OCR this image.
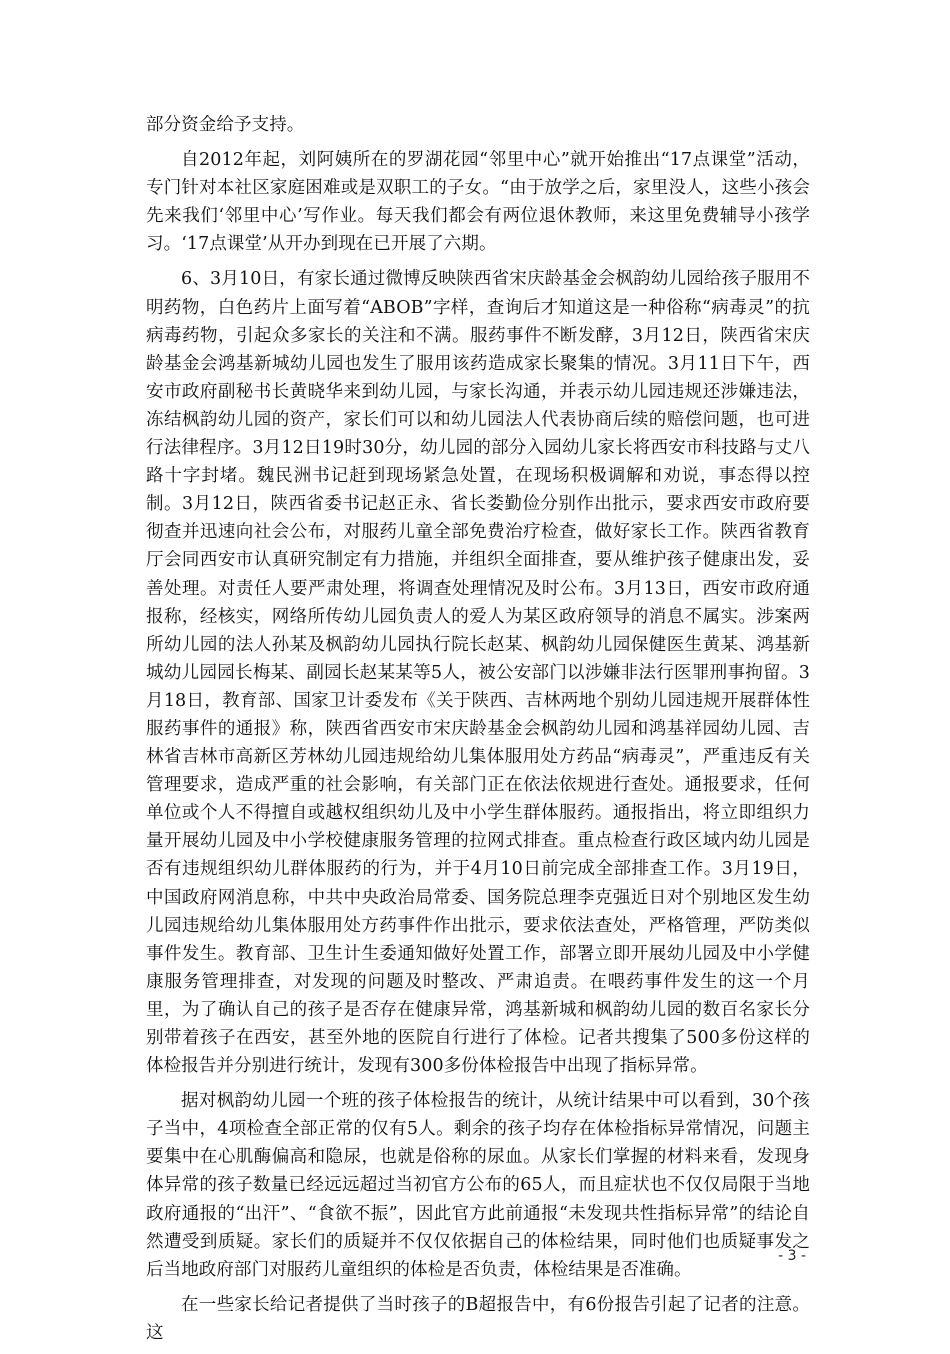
部分资金给予支持。

自2012年起，刘阿姨所在的罗湖花园“邻里中心”就开始推出“17点课堂”活动，专门针对本社区家庭困难或是双职工的子女。“由于放学之后，家里没人，这些小孩会先来我们‘邻里中心’写作业。每天我们都会有两位退休教师，来这里免费辅导小孩学习。‘17点课堂’从开办到现在已开展了六期。

6、3月10日，有家长通过微博反映陕西省宋庆龄基金会枫韵幼儿园给孩子服用不明药物，白色药片上面写着“ABOB”字样，查询后才知道这是一种俗称“病毒灵”的抗病毒药物，引起众多家长的关注和不满。服药事件不断发酵，3月12日，陕西省宋庆龄基金会鸿基新城幼儿园也发生了服用该药造成家长聚集的情况。3月11日下午，西安市政府副秘书长黄晓华来到幼儿园，与家长沟通，并表示幼儿园违规还涉嫌违法，冻结枫韵幼儿园的资产，家长们可以和幼儿园法人代表协商后续的赔偿问题，也可进行法律程序。3月12日19时30分，幼儿园的部分入园幼儿家长将西安市科技路与丈八路十字封堵。魏民洲书记赶到现场紧急处置，在现场积极调解和劝说，事态得以控制。3月12日，陕西省委书记赵正永、省长娄勤俭分别作出批示，要求西安市政府要彻查并迅速向社会公布，对服药儿童全部免费治疗检查，做好家长工作。陕西省教育厅会同西安市认真研究制定有力措施，并组织全面排查，要从维护孩子健康出发，妥善处理。对责任人要严肃处理，将调查处理情况及时公布。3月13日，西安市政府通报称，经核实，网络所传幼儿园负责人的爱人为某区政府领导的消息不属实。涉案两所幼儿园的法人孙某及枫韵幼儿园执行院长赵某、枫韵幼儿园保健医生黄某、鸿基新城幼儿园园长梅某、副园长赵某某等5人，被公安部门以涉嫌非法行医罪刑事拘留。3月18日，教育部、国家卫计委发布《关于陕西、吉林两地个别幼儿园违规开展群体性服药事件的通报》称，陕西省西安市宋庆龄基金会枫韵幼儿园和鸿基祥园幼儿园、吉林省吉林市高新区芳林幼儿园违规给幼儿集体服用处方药品“病毒灵”，严重违反有关管理要求，造成严重的社会影响，有关部门正在依法依规进行查处。通报要求，任何单位或个人不得擅自或越权组织幼儿及中小学生群体服药。通报指出，将立即组织力量开展幼儿园及中小学校健康服务管理的拉网式排查。重点检查行政区域内幼儿园是否有违规组织幼儿群体服药的行为，并于4月10日前完成全部排查工作。3月19日，中国政府网消息称，中共中央政治局常委、国务院总理李克强近日对个别地区发生幼儿园违规给幼儿集体服用处方药事件作出批示，要求依法查处，严格管理，严防类似事件发生。教育部、卫生计生委通知做好处置工作，部署立即开展幼儿园及中小学健康服务管理排查，对发现的问题及时整改、严肃追责。在喂药事件发生的这一个月里，为了确认自己的孩子是否存在健康异常，鸿基新城和枫韵幼儿园的数百名家长分别带着孩子在西安，甚至外地的医院自行进行了体检。记者共搜集了500多份这样的体检报告并分别进行统计，发现有300多份体检报告中出现了指标异常。

据对枫韵幼儿园一个班的孩子体检报告的统计，从统计结果中可以看到，30个孩子当中，4项检查全部正常的仅有5人。剩余的孩子均存在体检指标异常情况，问题主要集中在心肌酶偏高和隐尿，也就是俗称的尿血。从家长们掌握的材料来看，发现身体异常的孩子数量已经远远超过当初官方公布的65人，而且症状也不仅仅局限于当地政府通报的“出汗”、“食欲不振”，因此官方此前通报“未发现共性指标异常”的结论自然遭受到质疑。家长们的质疑并不仅仅依据自己的体检结果，同时他们也质疑事发之后当地政府部门对服药儿童组织的体检是否负责，体检结果是否准确。

在一些家长给记者提供了当时孩子的B超报告中，有6份报告引起了记者的注意。这

- 3 -
